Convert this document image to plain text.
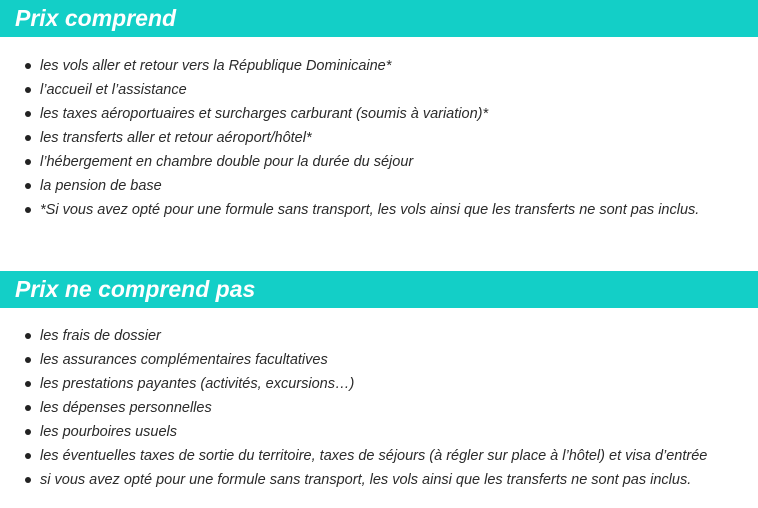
Prix comprend
les vols aller et retour vers la République Dominicaine*
l’accueil et l’assistance
les taxes aéroportuaires et surcharges carburant (soumis à variation)*
les transferts aller et retour aéroport/hôtel*
l’hébergement en chambre double pour la durée du séjour
la pension de base
*Si vous avez opté pour une formule sans transport, les vols ainsi que les transferts ne sont pas inclus.
Prix ne comprend pas
les frais de dossier
les assurances complémentaires facultatives
les prestations payantes (activités, excursions…)
les dépenses personnelles
les pourboires usuels
les éventuelles taxes de sortie du territoire, taxes de séjours (à régler sur place à l’hôtel) et visa d’entrée
si vous avez opté pour une formule sans transport, les vols ainsi que les transferts ne sont pas inclus.
